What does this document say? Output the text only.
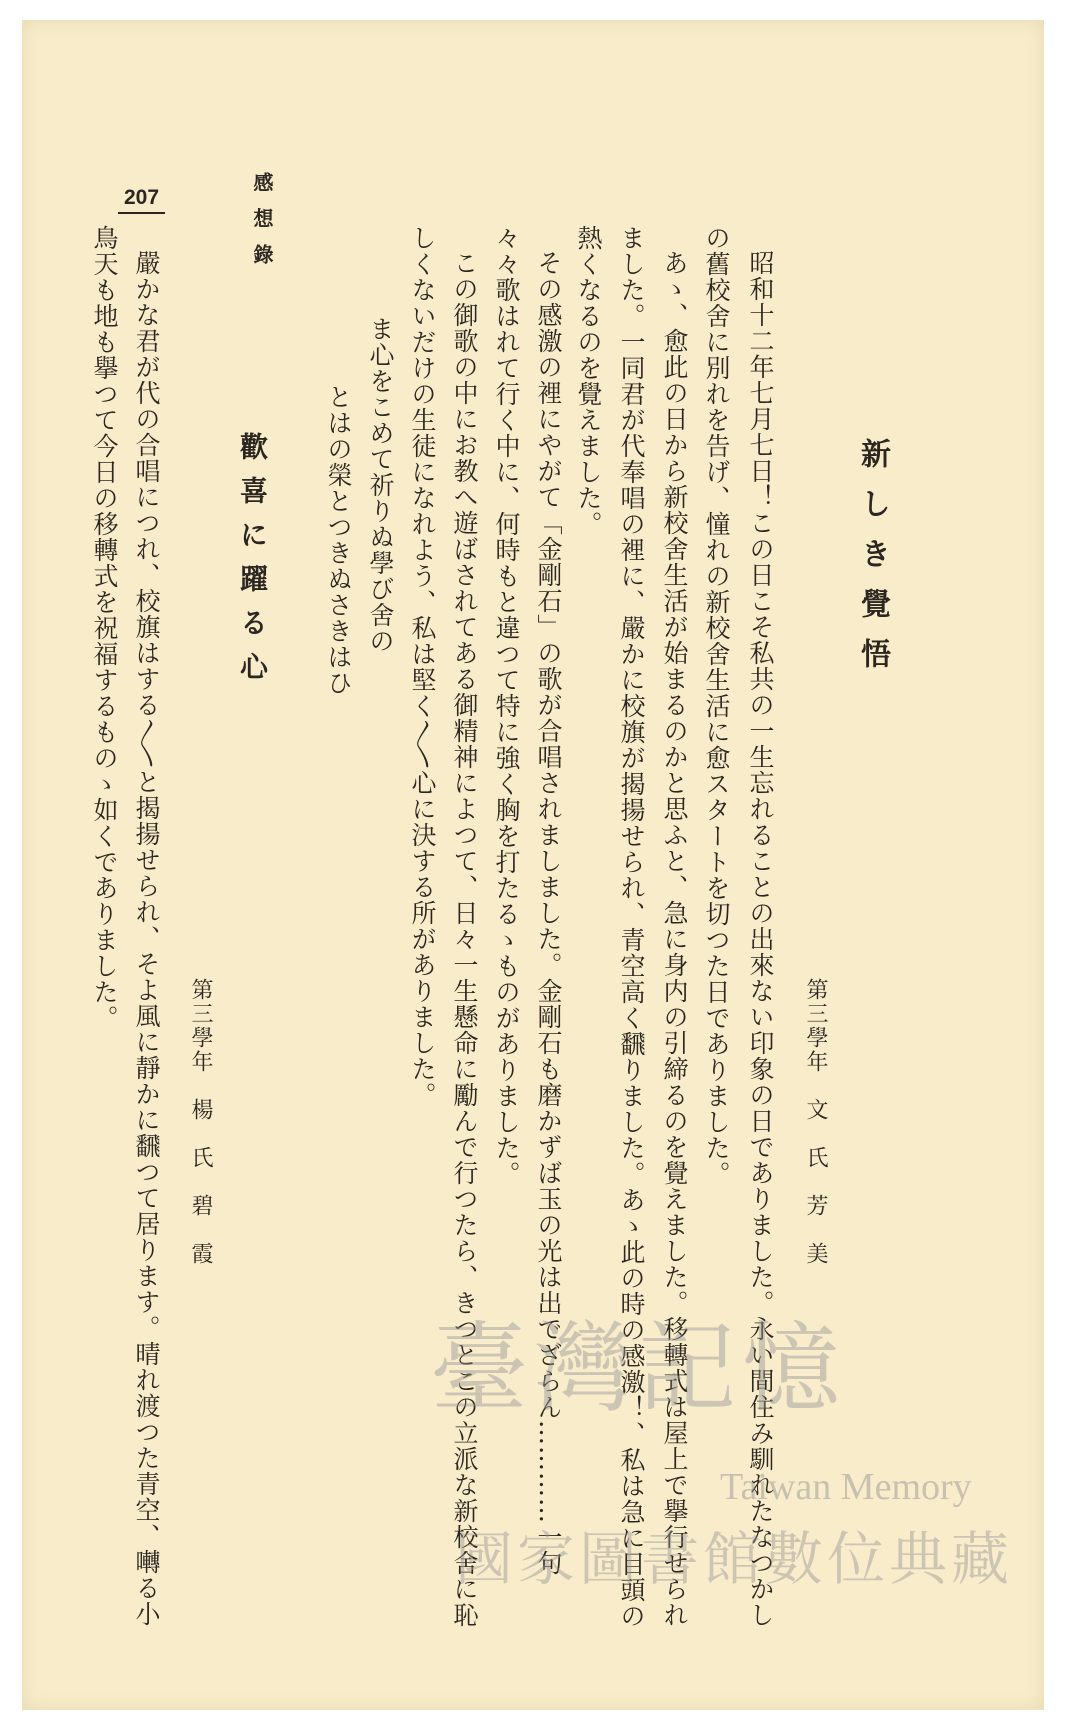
207	感想錄
新しき覺悟
第三學年　文　氏　芳　美
昭和十二年七月七日！この日こそ私共の一生忘れることの出來ない印象の日でありました。永い間住み馴れたなつかし
の舊校舍に別れを告げ、憧れの新校舍生活に愈スタートを切つた日でありました。
あゝ、愈此の日から新校舍生活が始まるのかと思ふと、急に身内の引締るのを覺えました。移轉式は屋上で擧行せられ
ました。一同君が代奉唱の裡に、嚴かに校旗が揭揚せられ、青空高く飜りました。あゝ此の時の感激！、私は急に目頭の
熱くなるのを覺えました。
その感激の裡にやがて「金剛石」の歌が合唱されましました。金剛石も磨かずば玉の光は出でざらん…………一句
々々歌はれて行く中に、何時もと違つて特に強く胸を打たるゝものがありました。
この御歌の中にお教へ遊ばされてある御精神によつて、日々一生懸命に勵んで行つたら、きつとこの立派な新校舍に恥
しくないだけの生徒になれよう、私は堅く〳〵心に決する所がありました。
ま心をこめて祈りぬ學び舍の
とはの榮とつきぬさきはひ
歡喜に躍る心
第三學年　楊　氏　碧　霞
嚴かな君が代の合唱につれ、校旗はする〳〵と揭揚せられ、そよ風に靜かに飜つて居ります。晴れ渡つた青空、囀る小
鳥天も地も擧つて今日の移轉式を祝福するものゝ如くでありました。
臺灣記憶
Taiwan Memory
國家圖書館數位典藏
